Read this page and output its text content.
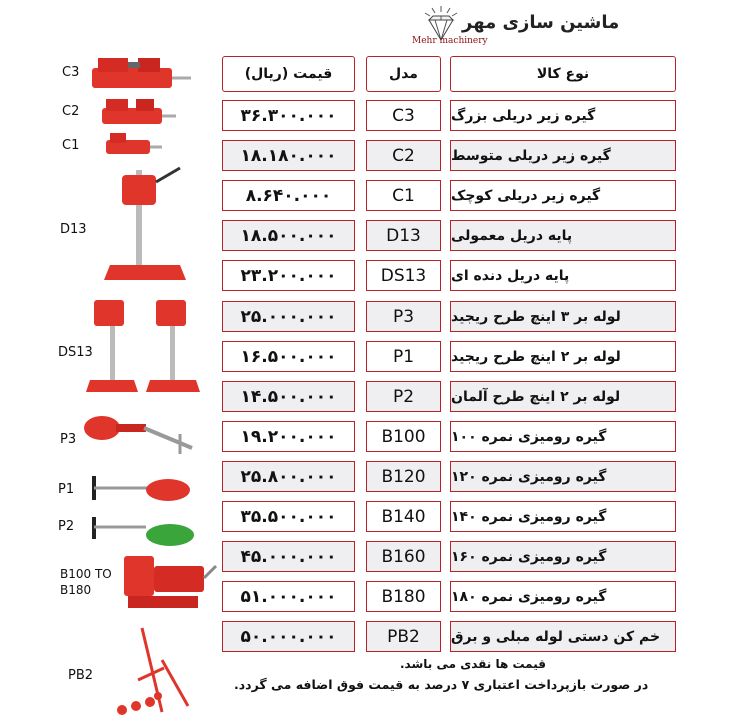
ماشین سازی مهر
Mehr machinery
C3
C2
C1
D13
DS13
P3
P1
P2
B100 TO
B180
PB2
قیمت (ریال)	مدل	نوع کالا
۳۶.۳۰۰.۰۰۰	C3	گیره زیر دریلی بزرگ
۱۸.۱۸۰.۰۰۰	C2	گیره زیر دریلی متوسط
۸.۶۴۰.۰۰۰	C1	گیره زیر دریلی کوچک
۱۸.۵۰۰.۰۰۰	D13 پایه دریل معمولی
۲۳.۲۰۰.۰۰۰	DS13 پایه دریل دنده ای
۲۵.۰۰۰.۰۰۰	P3	لوله بر ۳ اینچ طرح ریجید
۱۶.۵۰۰.۰۰۰	P1	لوله بر ۲ اینچ طرح ریجید
۱۴.۵۰۰.۰۰۰	P2	لوله بر ۲ اینچ طرح آلمان
۱۹.۲۰۰.۰۰۰	B100 گیره رومیزی نمره ۱۰۰
۲۵.۸۰۰.۰۰۰	B120 گیره رومیزی نمره ۱۲۰
۳۵.۵۰۰.۰۰۰	B140 گیره رومیزی نمره ۱۴۰
۴۵.۰۰۰.۰۰۰	B160 گیره رومیزی نمره ۱۶۰
۵۱.۰۰۰.۰۰۰	B180 گیره رومیزی نمره ۱۸۰
۵۰.۰۰۰.۰۰۰	PB2 خم کن دستی لوله مبلی و برق
قیمت ها نقدی می باشد.
در صورت بازپرداخت اعتباری ۷ درصد به قیمت فوق اضافه می گردد.
